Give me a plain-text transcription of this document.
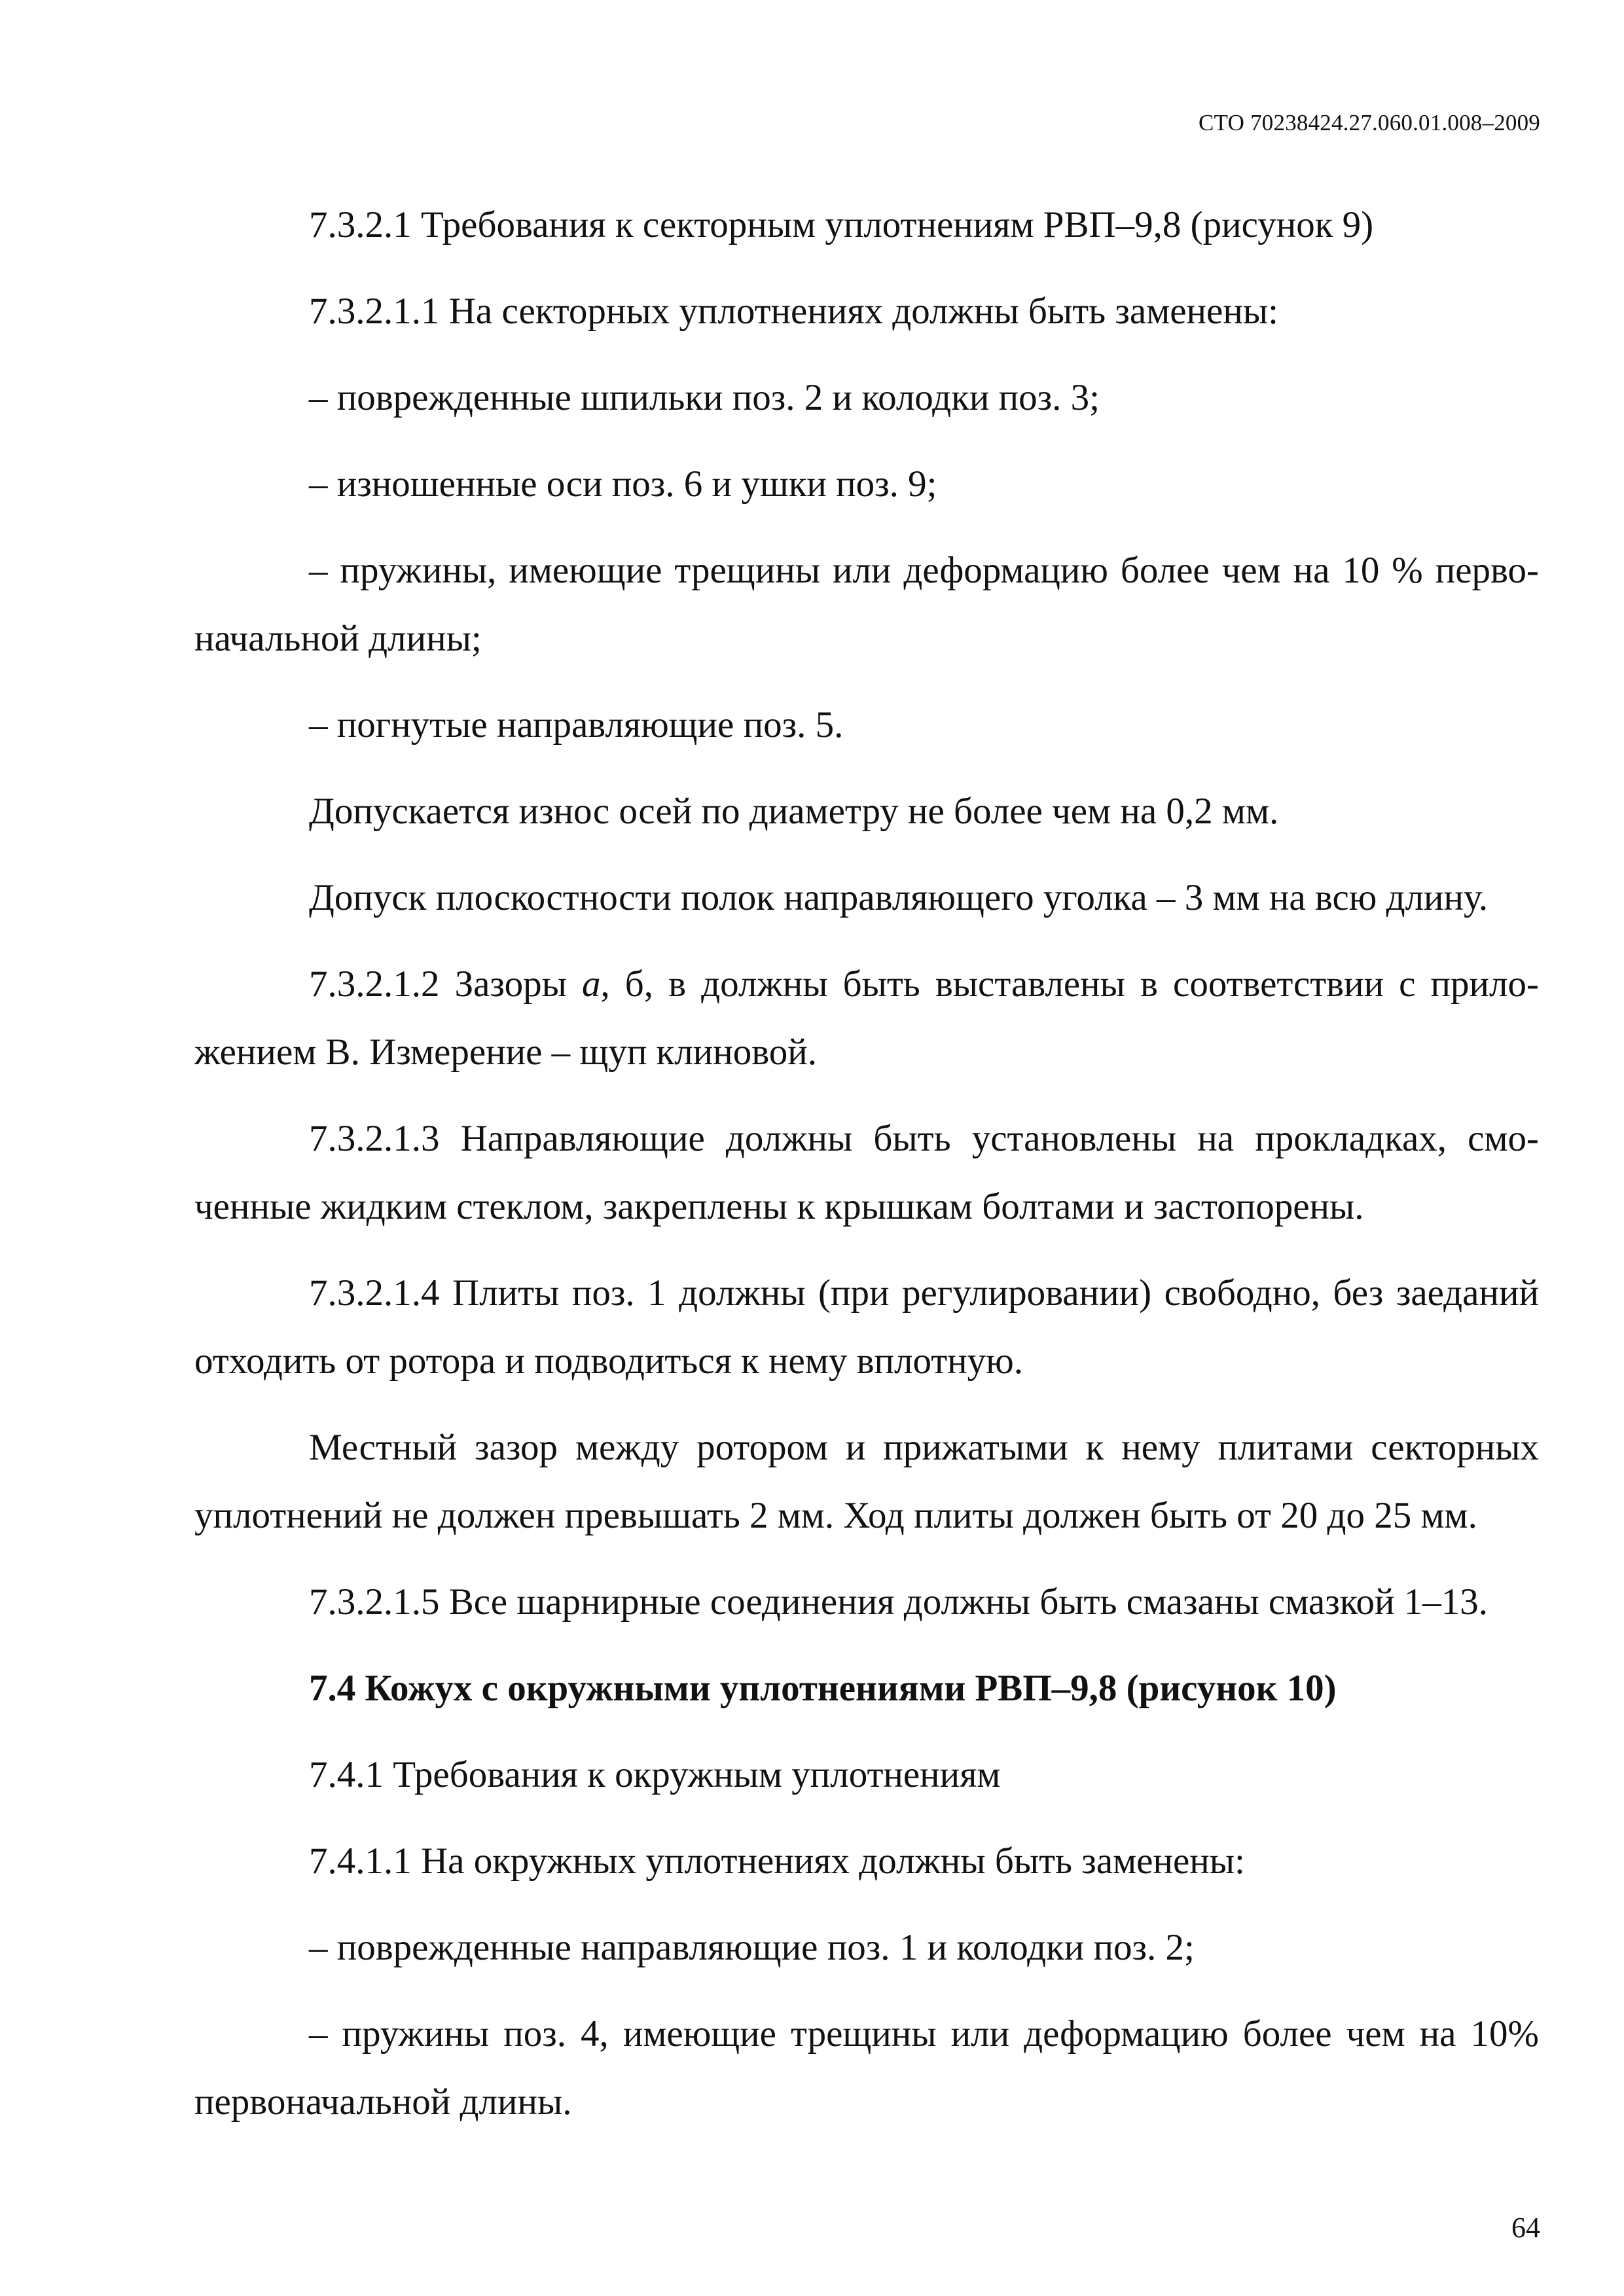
СТО 70238424.27.060.01.008–2009

7.3.2.1 Требования к секторным уплотнениям РВП–9,8 (рисунок 9)

7.3.2.1.1 На секторных уплотнениях должны быть заменены:

– поврежденные шпильки поз. 2 и колодки поз. 3;

– изношенные оси поз. 6 и ушки поз. 9;

– пружины, имеющие трещины или деформацию более чем на 10 % перво-начальной длины;

– погнутые направляющие поз. 5.

Допускается износ осей по диаметру не более чем на 0,2 мм.

Допуск плоскостности полок направляющего уголка – 3 мм на всю длину.

7.3.2.1.2 Зазоры а, б, в должны быть выставлены в соответствии с прило-жением В. Измерение – щуп клиновой.

7.3.2.1.3 Направляющие должны быть установлены на прокладках, смо-ченные жидким стеклом, закреплены к крышкам болтами и застопорены.

7.3.2.1.4 Плиты поз. 1 должны (при регулировании) свободно, без заеданий отходить от ротора и подводиться к нему вплотную.

Местный зазор между ротором и прижатыми к нему плитами секторных уплотнений не должен превышать 2 мм. Ход плиты должен быть от 20 до 25 мм.

7.3.2.1.5 Все шарнирные соединения должны быть смазаны смазкой 1–13.

7.4 Кожух с окружными уплотнениями РВП–9,8 (рисунок 10)

7.4.1 Требования к окружным уплотнениям

7.4.1.1 На окружных уплотнениях должны быть заменены:

– поврежденные направляющие поз. 1 и колодки поз. 2;

– пружины поз. 4, имеющие трещины или деформацию более чем на 10% первоначальной длины.

64
